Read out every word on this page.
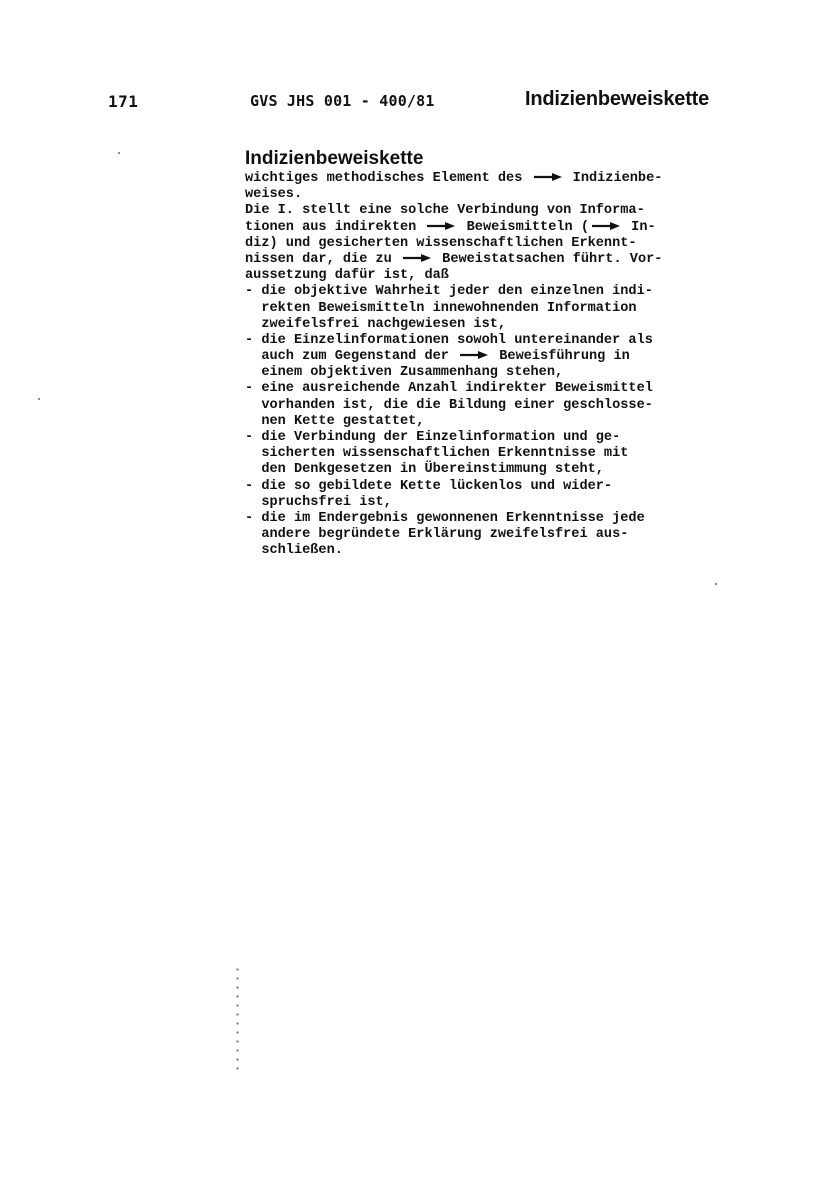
171	GVS JHS 001 - 400/81	Indizienbeweiskette
Indizienbeweiskette
wichtiges methodisches Element des	Indizienbe-
weises.
Die I. stellt eine solche Verbindung von Informa-
tionen aus indirekten	Beweismitteln (	In-
diz) und gesicherten wissenschaftlichen Erkennt-
nissen dar, die zu	Beweistatsachen führt. Vor-
aussetzung dafür ist, daß
- die objektive Wahrheit jeder den einzelnen indi-
rekten Beweismitteln innewohnenden Information
zweifelsfrei nachgewiesen ist,
- die Einzelinformationen sowohl untereinander als
auch zum Gegenstand der	Beweisführung in
einem objektiven Zusammenhang stehen,
- eine ausreichende Anzahl indirekter Beweismittel
vorhanden ist, die die Bildung einer geschlosse-
nen Kette gestattet,
- die Verbindung der Einzelinformation und ge-
sicherten wissenschaftlichen Erkenntnisse mit
den Denkgesetzen in Übereinstimmung steht,
- die so gebildete Kette lückenlos und wider-
spruchsfrei ist,
- die im Endergebnis gewonnenen Erkenntnisse jede
andere begründete Erklärung zweifelsfrei aus-
schließen.
